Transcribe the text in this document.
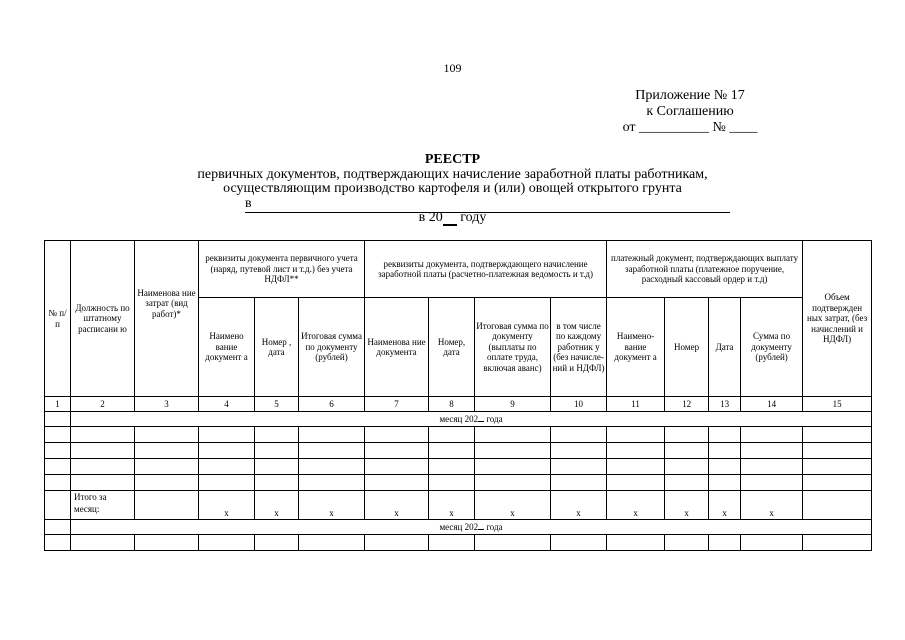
109
Приложение № 17
к Соглашению
от __________ № ____
РЕЕСТР
первичных документов, подтверждающих начисление заработной платы работникам,
осуществляющим производство картофеля и (или) овощей открытого грунта
в
в 20 году
№ п/ п	Должность по штатному расписани ю	Наименова ние затрат (вид работ)*	реквизиты документа первичного учета (наряд, путевой лист и т.д.) без учета НДФЛ**			реквизиты документа, подтверждающего начисление заработной платы (расчетно-платежная ведомость и т.д)				платежный документ, подтверждающих выплату заработной платы (платежное поручение, расходный кассовый ордер и т.д)				Объем подтвержден ных затрат, (без начислений и НДФЛ)
			Наимено вание документ а	Номер , дата	Итоговая сумма по документу (рублей)	Наименова ние документа	Номер, дата	Итоговая сумма по документу (выплаты по оплате труда, включая аванс)	в том числе по каждому работник у (без начисле- ний и НДФЛ)	Наимено- вание документ а	Номер	Дата	Сумма по документу (рублей)	
1	2	3	4	5	6	7	8	9	10	11	12	13	14	15
	месяц 202 года													

	Итого за месяц:		х	х	х	х	х	х	х	х	х	х	х	
	месяц 202 года													
